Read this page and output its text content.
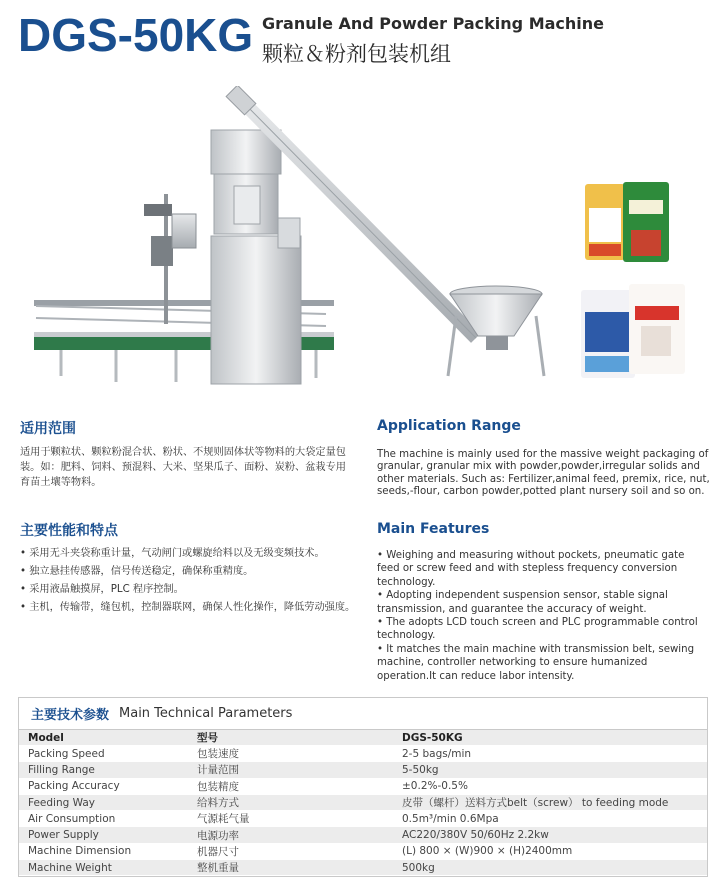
DGS-50KG Granule And Powder Packing Machine
颗粒＆粉剂包装机组
适用范围
适用于颗粒状、颗粒粉混合状、粉状、不规则固体状等物料的大袋定量包装。如：肥料、饲料、预混料、大米、坚果瓜子、面粉、炭粉、盆栽专用育苗土壤等物料。
Application Range
The machine is mainly used for the massive weight packaging of granular, granular mix with powder,powder,irregular solids and other materials. Such as: Fertilizer,animal feed, premix, rice, nut, seeds,-flour, carbon powder,potted plant nursery soil and so on.
主要性能和特点
• 采用无斗夹袋称重计量，气动闸门或螺旋给料以及无级变频技术。
• 独立悬挂传感器，信号传送稳定，确保称重精度。
• 采用液晶触摸屏，PLC 程序控制。
• 主机，传输带，缝包机，控制器联网，确保人性化操作，降低劳动强度。
Main Features
• Weighing and measuring without pockets, pneumatic gate feed or screw feed and with stepless frequency conversion technology.
• Adopting independent suspension sensor, stable signal transmission, and guarantee the accuracy of weight.
• The adopts LCD touch screen and PLC programmable control technology.
• It matches the main machine with transmission belt, sewing machine, controller networking to ensure humanized operation.It can reduce labor intensity.
主要技术参数 Main Technical Parameters
Model	型号	DGS-50KG
Packing Speed	包装速度	2-5 bags/min
Filling Range	计量范围	5-50kg
Packing Accuracy	包装精度	±0.2%-0.5%
Feeding Way	给料方式	皮带（螺杆）送料方式belt（screw） to feeding mode
Air Consumption	气源耗气量	0.5m³/min 0.6Mpa
Power Supply	电源功率	AC220/380V 50/60Hz 2.2kw
Machine Dimension	机器尺寸	(L) 800 × (W)900 × (H)2400mm
Machine Weight	整机重量	500kg
